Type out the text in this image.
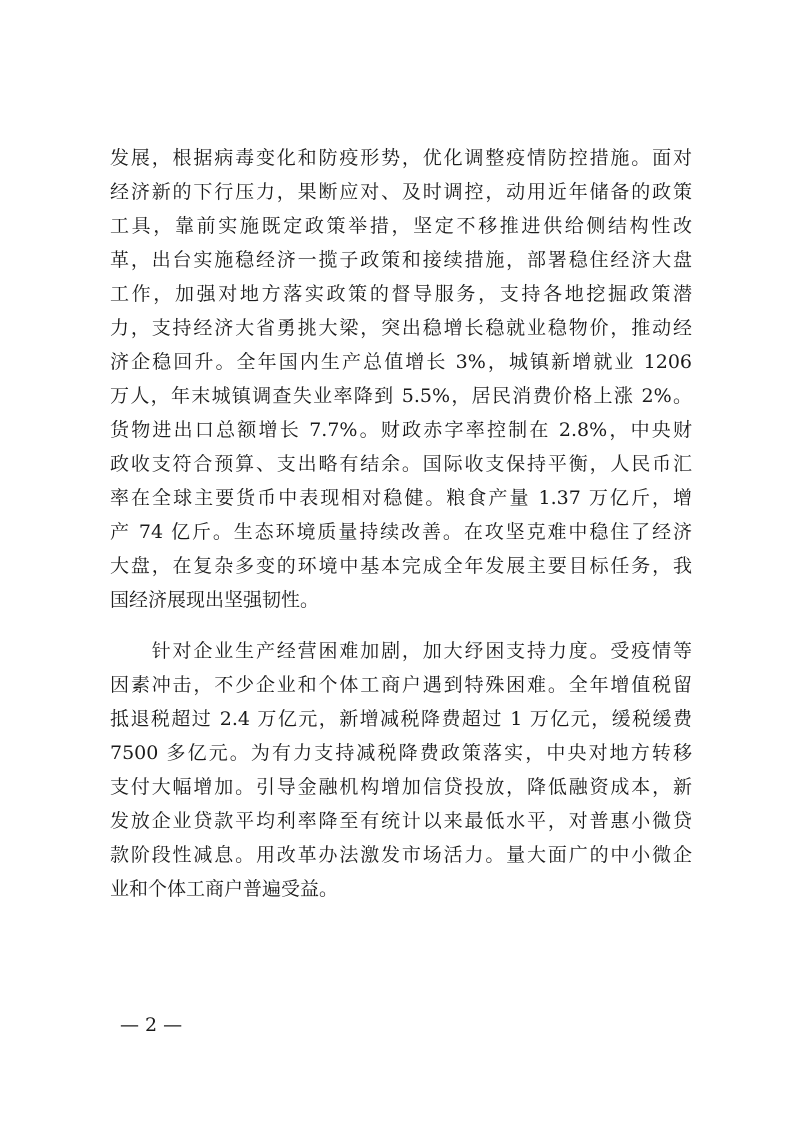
发展，根据病毒变化和防疫形势，优化调整疫情防控措施。面对
经济新的下行压力，果断应对、及时调控，动用近年储备的政策
工具，靠前实施既定政策举措，坚定不移推进供给侧结构性改
革，出台实施稳经济一揽子政策和接续措施，部署稳住经济大盘
工作，加强对地方落实政策的督导服务，支持各地挖掘政策潜
力，支持经济大省勇挑大梁，突出稳增长稳就业稳物价，推动经
济企稳回升。全年国内生产总值增长 3%，城镇新增就业 1206
万人，年末城镇调查失业率降到 5.5%，居民消费价格上涨 2%。
货物进出口总额增长 7.7%。财政赤字率控制在 2.8%，中央财
政收支符合预算、支出略有结余。国际收支保持平衡，人民币汇
率在全球主要货币中表现相对稳健。粮食产量 1.37 万亿斤，增
产 74 亿斤。生态环境质量持续改善。在攻坚克难中稳住了经济
大盘，在复杂多变的环境中基本完成全年发展主要目标任务，我
国经济展现出坚强韧性。
　　针对企业生产经营困难加剧，加大纾困支持力度。受疫情等
因素冲击，不少企业和个体工商户遇到特殊困难。全年增值税留
抵退税超过 2.4 万亿元，新增减税降费超过 1 万亿元，缓税缓费
7500 多亿元。为有力支持减税降费政策落实，中央对地方转移
支付大幅增加。引导金融机构增加信贷投放，降低融资成本，新
发放企业贷款平均利率降至有统计以来最低水平，对普惠小微贷
款阶段性减息。用改革办法激发市场活力。量大面广的中小微企
业和个体工商户普遍受益。
— 2 —
